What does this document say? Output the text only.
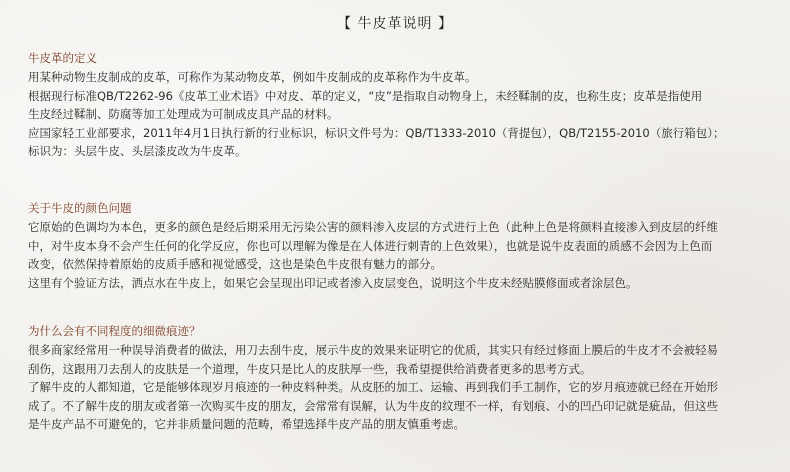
【 牛皮革说明 】
牛皮革的定义
用某种动物生皮制成的皮革，可称作为某动物皮革，例如牛皮制成的皮革称作为牛皮革。
根据现行标准QB/T2262-96《皮革工业术语》中对皮、革的定义，“皮”是指取自动物身上，未经鞣制的皮，也称生皮；皮革是指使用
生皮经过鞣制、防腐等加工处理成为可制成皮具产品的材料。
应国家轻工业部要求，2011年4月1日执行新的行业标识，标识文件号为：QB/T1333-2010（背提包），QB/T2155-2010（旅行箱包）；
标识为：头层牛皮、头层漆皮改为牛皮革。
关于牛皮的颜色问题
它原始的色调均为本色，更多的颜色是经后期采用无污染公害的颜料渗入皮层的方式进行上色（此种上色是将颜料直接渗入到皮层的纤维
中，对牛皮本身不会产生任何的化学反应，你也可以理解为像是在人体进行刺青的上色效果），也就是说牛皮表面的质感不会因为上色而
改变，依然保持着原始的皮质手感和视觉感受，这也是染色牛皮很有魅力的部分。
这里有个验证方法，洒点水在牛皮上，如果它会呈现出印记或者渗入皮层变色，说明这个牛皮未经贴膜修面或者涂层色。
为什么会有不同程度的细微痕迹？
很多商家经常用一种误导消费者的做法，用刀去刮牛皮，展示牛皮的效果来证明它的优质，其实只有经过修面上膜后的牛皮才不会被轻易
刮伤，这跟用刀去刮人的皮肤是一个道理，牛皮只是比人的皮肤厚一些，我希望提供给消费者更多的思考方式。
了解牛皮的人都知道，它是能够体现岁月痕迹的一种皮料种类。从皮胚的加工、运输、再到我们手工制作，它的岁月痕迹就已经在开始形
成了。不了解牛皮的朋友或者第一次购买牛皮的朋友，会常常有误解，认为牛皮的纹理不一样，有划痕、小的凹凸印记就是疵品，但这些
是牛皮产品不可避免的，它并非质量问题的范畴，希望选择牛皮产品的朋友慎重考虑。
